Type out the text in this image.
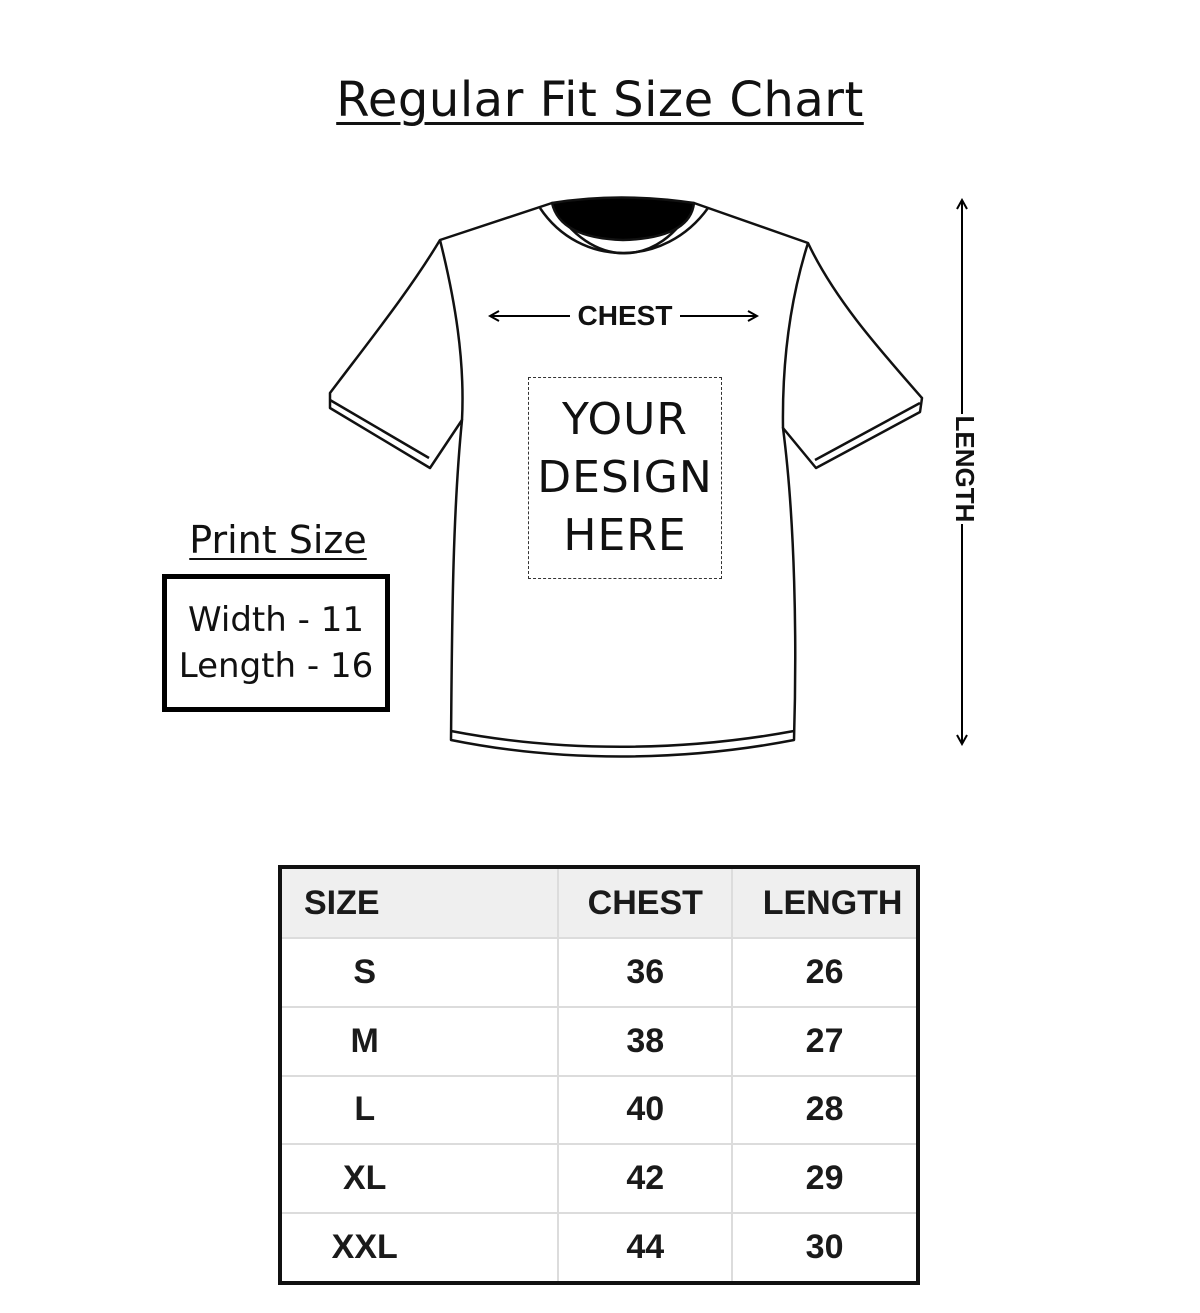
Regular Fit Size Chart
CHEST
LENGTH
YOUR
DESIGN
HERE
Print Size
Width - 11
Length - 16
SIZE	CHEST	LENGTH
S	36	26
M	38	27
L	40	28
XL	42	29
XXL	44	30
